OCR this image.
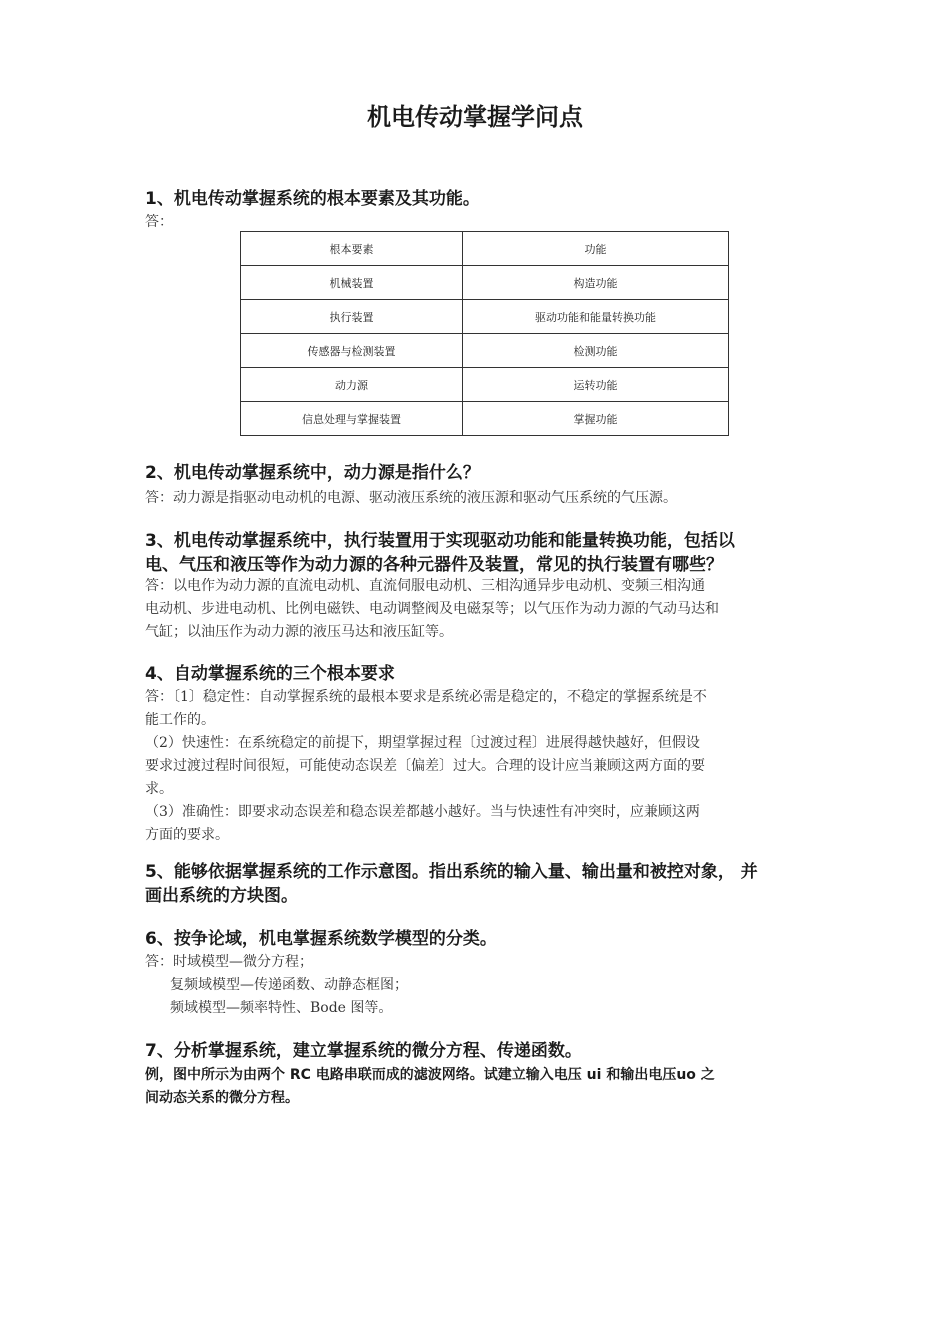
机电传动掌握学问点
1、机电传动掌握系统的根本要素及其功能。
答：
根本要素	功能
机械装置	构造功能
执行装置	驱动功能和能量转换功能
传感器与检测装置	检测功能
动力源	运转功能
信息处理与掌握装置	掌握功能
2、机电传动掌握系统中，动力源是指什么？
答：动力源是指驱动电动机的电源、驱动液压系统的液压源和驱动气压系统的气压源。
3、机电传动掌握系统中，执行装置用于实现驱动功能和能量转换功能，包括以
电、气压和液压等作为动力源的各种元器件及装置，常见的执行装置有哪些？
答：以电作为动力源的直流电动机、直流伺服电动机、三相沟通异步电动机、变频三相沟通
电动机、步进电动机、比例电磁铁、电动调整阀及电磁泵等；以气压作为动力源的气动马达和
气缸；以油压作为动力源的液压马达和液压缸等。
4、自动掌握系统的三个根本要求
答：〔1〕稳定性：自动掌握系统的最根本要求是系统必需是稳定的，不稳定的掌握系统是不
能工作的。
（2）快速性：在系统稳定的前提下，期望掌握过程〔过渡过程〕进展得越快越好，但假设
要求过渡过程时间很短，可能使动态误差〔偏差〕过大。合理的设计应当兼顾这两方面的要
求。
（3）准确性：即要求动态误差和稳态误差都越小越好。当与快速性有冲突时，应兼顾这两
方面的要求。
5、能够依据掌握系统的工作示意图。指出系统的输入量、输出量和被控对象， 并
画出系统的方块图。
6、按争论域，机电掌握系统数学模型的分类。
答：时域模型—微分方程；
复频域模型—传递函数、动静态框图；
频域模型—频率特性、Bode 图等。
7、分析掌握系统，建立掌握系统的微分方程、传递函数。
例，图中所示为由两个 RC 电路串联而成的滤波网络。试建立输入电压 ui 和输出电压uo 之
间动态关系的微分方程。
